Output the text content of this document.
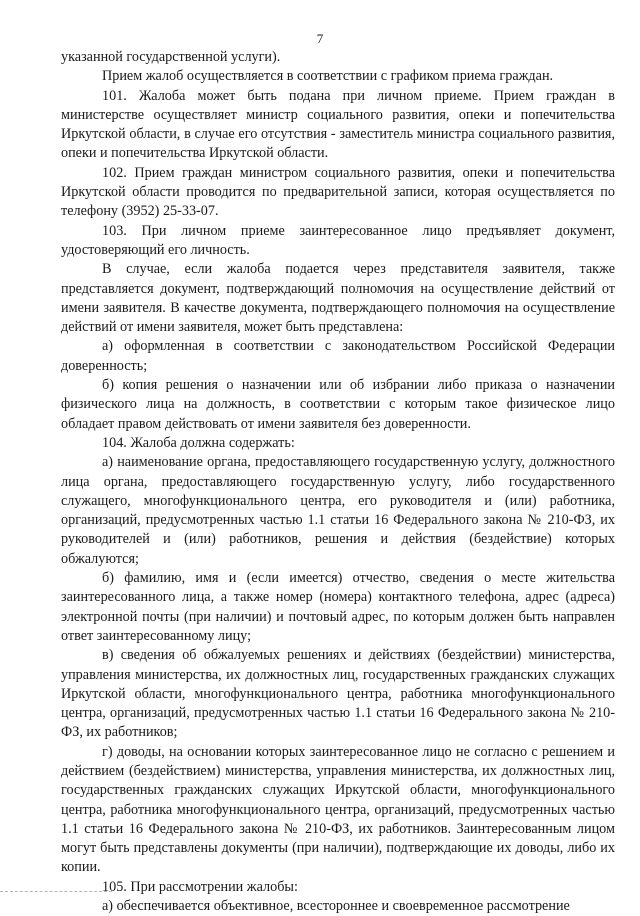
7

указанной государственной услуги).

Прием жалоб осуществляется в соответствии с графиком приема граждан.

101. Жалоба может быть подана при личном приеме. Прием граждан в министерстве осуществляет министр социального развития, опеки и попечительства Иркутской области, в случае его отсутствия - заместитель министра социального развития, опеки и попечительства Иркутской области.

102. Прием граждан министром социального развития, опеки и попечительства Иркутской области проводится по предварительной записи, которая осуществляется по телефону (3952) 25-33-07.

103. При личном приеме заинтересованное лицо предъявляет документ, удостоверяющий его личность.

В случае, если жалоба подается через представителя заявителя, также представляется документ, подтверждающий полномочия на осуществление действий от имени заявителя. В качестве документа, подтверждающего полномочия на осуществление действий от имени заявителя, может быть представлена:

а) оформленная в соответствии с законодательством Российской Федерации доверенность;

б) копия решения о назначении или об избрании либо приказа о назначении физического лица на должность, в соответствии с которым такое физическое лицо обладает правом действовать от имени заявителя без доверенности.

104. Жалоба должна содержать:

а) наименование органа, предоставляющего государственную услугу, должностного лица органа, предоставляющего государственную услугу, либо государственного служащего, многофункционального центра, его руководителя и (или) работника, организаций, предусмотренных частью 1.1 статьи 16 Федерального закона № 210-ФЗ, их руководителей и (или) работников, решения и действия (бездействие) которых обжалуются;

б) фамилию, имя и (если имеется) отчество, сведения о месте жительства заинтересованного лица, а также номер (номера) контактного телефона, адрес (адреса) электронной почты (при наличии) и почтовый адрес, по которым должен быть направлен ответ заинтересованному лицу;

в) сведения об обжалуемых решениях и действиях (бездействии) министерства, управления министерства, их должностных лиц, государственных гражданских служащих Иркутской области, многофункционального центра, работника многофункционального центра, организаций, предусмотренных частью 1.1 статьи 16 Федерального закона № 210-ФЗ, их работников;

г) доводы, на основании которых заинтересованное лицо не согласно с решением и действием (бездействием) министерства, управления министерства, их должностных лиц, государственных гражданских служащих Иркутской области, многофункционального центра, работника многофункционального центра, организаций, предусмотренных частью 1.1 статьи 16 Федерального закона № 210-ФЗ, их работников. Заинтересованным лицом могут быть представлены документы (при наличии), подтверждающие их доводы, либо их копии.

105. При рассмотрении жалобы:

а) обеспечивается объективное, всестороннее и своевременное рассмотрение
